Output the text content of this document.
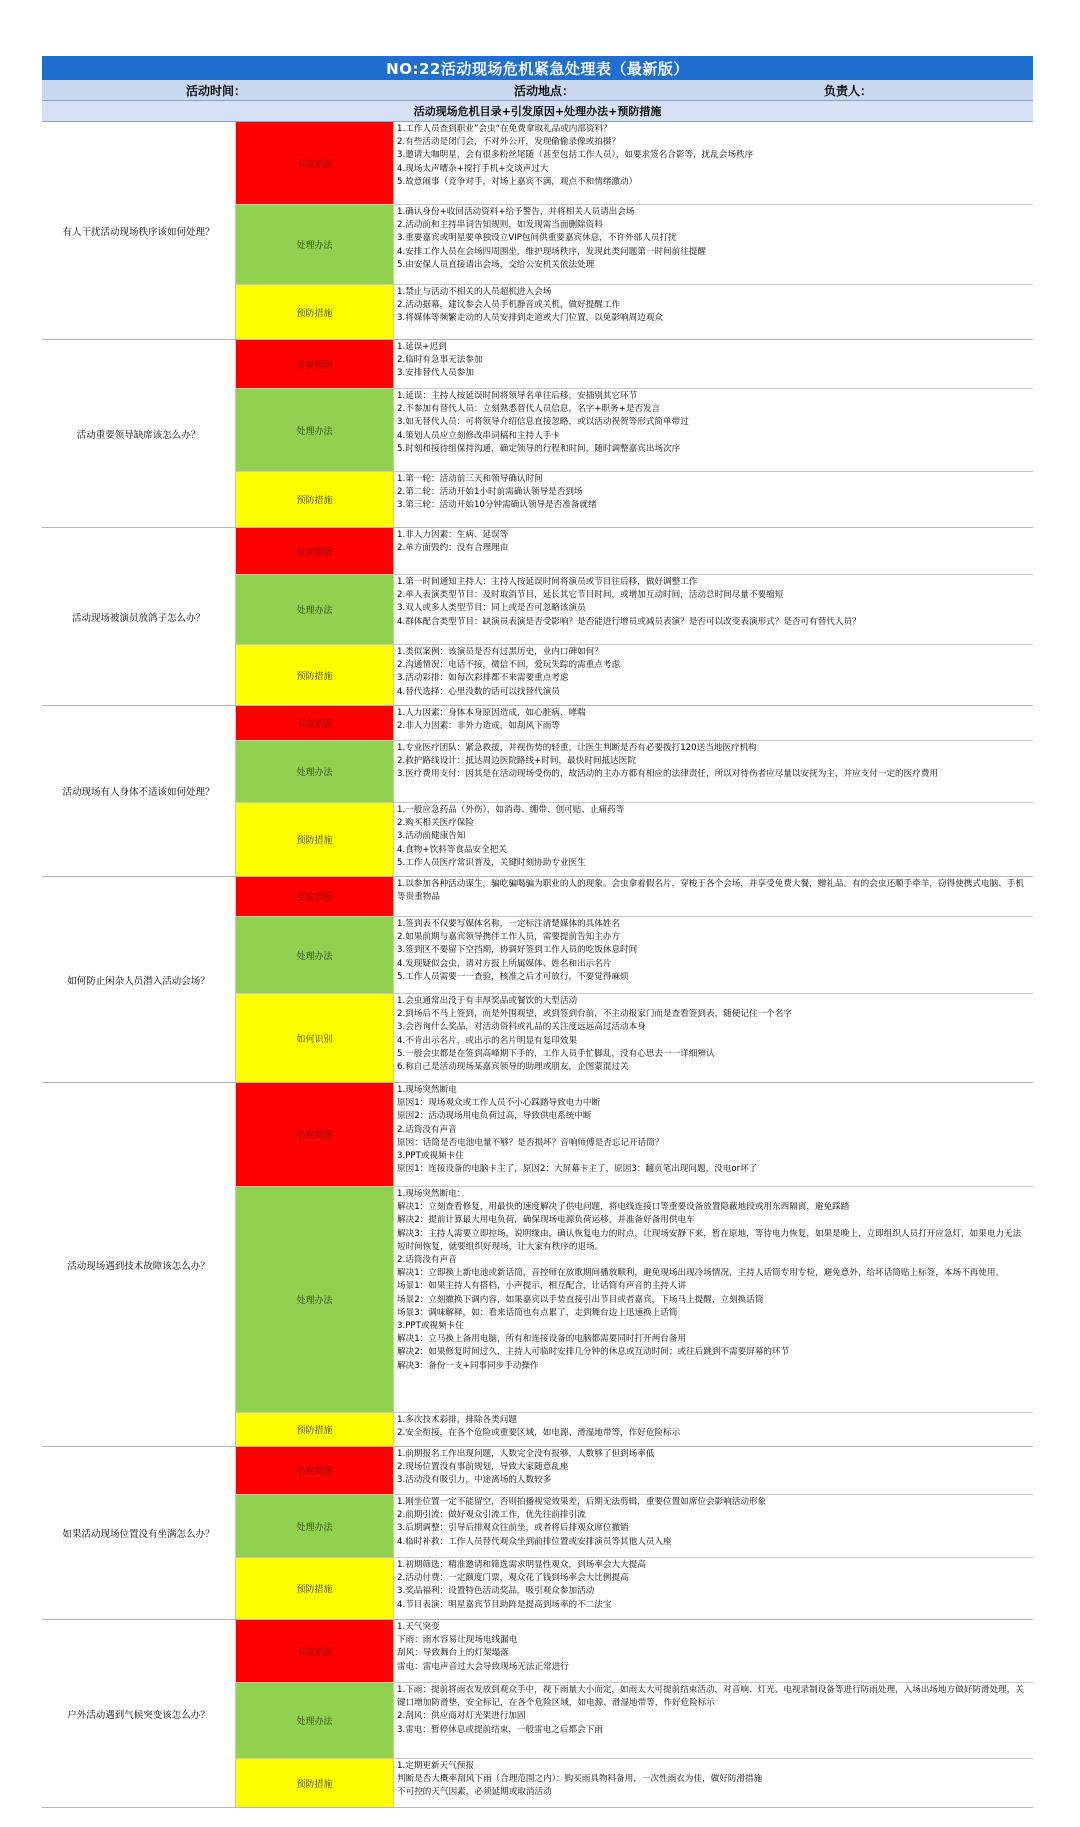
NO:22活动现场危机紧急处理表（最新版）
活动时间：	活动地点：	负责人：
活动现场危机目录+引发原因+处理办法+预防措施
有人干扰活动现场秩序该如何处理？
引发原因
1.工作人员查到职业”会虫“在免费拿取礼品或内部资料？
2.有些活动是闭门会，不对外公开，发现偷偷录像或拍摄？
3.邀请大咖明星，会有很多粉丝尾随（甚至包括工作人员），如要求签名合影等，扰乱会场秩序
4.现场太声嘈杂+搅打手机+交谈声过大
5.故意闹事（竞争对手，对场上嘉宾不满，观点不和情绪激动）
处理办法
1.确认身份+收回活动资料+给予警告，并将相关人员请出会场
2.活动前和主持串词告知规则，如发现需当面删除资料
3.重要嘉宾或明星要单独设立VIP包间供重要嘉宾休息，不许外部人员打扰
4.安排工作人员在会场四周围坐，维护现场秩序，发现此类问题第一时间前往提醒
5.由安保人员直接请出会场，交给公安机关依法处理
预防措施
1.禁止与活动不相关的人员超机进入会场
2.活动据幕，建议参会人员手机静音或关机，做好提醒工作
3.将媒体等频繁走动的人员安排到走道或大门位置，以免影响周边观众
活动重要领导缺席该怎么办？
引发原因
1.延误+迟到
2.临时有急事无法参加
3.安排替代人员参加
处理办法
1.延误：主持人按延误时间将领导名单往后移，安插别其它环节
2.不参加有替代人员：立刻熟悉替代人员信息，名字+职务+是否发言
3.如无替代人员：可将领导介绍信息直接忽略，或以活动祝贺等形式简单带过
4.策划人员应立刻修改串词稿和主持人手卡
5.时刻和接待组保持沟通，确定领导的行程和时间，随时调整嘉宾出场次序
预防措施
1.第一轮：活动前三天和领导确认时间
2.第二轮：活动开始1小时前需确认领导是否到场
3.第三轮：活动开始10分钟需确认领导是否准备就绪
活动现场被演员放鸽子怎么办？
引发原因
1.非人力因素：生病、延误等
2.单方面毁约：没有合理理由
处理办法
1.第一时间通知主持人：主持人按延误时间将演员或节目往后移，做好调整工作
2.单人表演类型节目：及时取消节目，延长其它节目时间，或增加互动时间，活动总时间尽量不要缩短
3.双人或多人类型节目：同上或是否可忽略该演员
4.群体配合类型节目：缺演员表演是否受影响？是否能进行增员或减员表演？是否可以改变表演形式？是否可有替代人员？
预防措施
1.类似案例：该演员是否有过黑历史，业内口碑如何？
2.沟通情况：电话不接，微信不回，爱玩失踪的需重点考虑
3.活动彩排：如每次彩排都不来需要重点考虑
4.替代选择：心里没数的话可以找替代演员
活动现场有人身体不适该如何处理？
引发原因
1.人力因素：身体本身原因造成，如心脏病、哮喘
2.非人力因素：非外力造成，如刮风下雨等
处理办法
1.专业医疗团队：紧急救援，并视伤势的轻重，让医生判断是否有必要拨打120送当地医疗机构
2.救护路线设计：抵达周边医院路线+时间，最快时间抵达医院
3.医疗费用支付：因其是在活动现场受伤的，故活动的主办方都有相应的法律责任，所以对待伤者应尽量以安抚为主，并应支付一定的医疗费用
预防措施
1.一般应急药品（外伤），如消毒、绷带、创可贴、止痛药等
2.购买相关医疗保险
3.活动前健康告知
4.食物+饮料等食品安全把关
5.工作人员医疗常识普及，关键时刻协助专业医生
如何防止闲杂人员潜入活动会场？
引发原因
1.以参加各种活动谋生，骗吃骗喝骗为职业的人的现象。会虫拿着假名片，穿梭于各个会场，并享受免费大餐，赠礼品。有的会虫还顺手牵羊，窃得使携式电脑、手机等贵重物品
处理办法
1.签到表不仅要写媒体名称，一定标注清楚媒体的具体姓名
2.如果前期与嘉宾领导携伴工作人员，需要提前告知主办方
3.签到区不要留下空挡期，协调好签到工作人员的吃饭休息时间
4.发现疑似会虫，请对方报上所属媒体、姓名和出示名片
5.工作人员需要一一查验，核准之后才可放行，不要觉得麻烦
如何识别
1.会虫通常出没于有丰厚奖品或餐饮的大型活动
2.到场后不马上签到，而是外围观望，或到签到台前，不主动报家门而是查看签到表，随便记住一个名字
3.会咨询什么奖品，对活动资料或礼品的关注度远远高过活动本身
4.不肯出示名片，或出示的名片明显有复印效果
5.一般会虫都是在签到高峰期下手的，工作人员手忙脚乱，没有心思去一一详细辨认
6.称自己是活动现场某嘉宾领导的助理或朋友，企图蒙混过关
活动现场遇到技术故障该怎么办？
引发原因
1.现场突然断电
原因1：现场观众或工作人员不小心踩踏导致电力中断
原因2：活动现场用电负荷过高，导致供电系统中断
2.话筒没有声音
原因：话筒是否电池电量不够？是否损坏？音响师傅是否忘记开话筒？
3.PPT或视频卡住
原因1：连接设备的电脑卡主了，原因2：大屏幕卡主了，原因3：翻页笔出现问题，没电or坏了
处理办法
1.现场突然断电：
解决1：立刻查看修复，用最快的速度解决了供电问题，将电线连接口等重要设备放置隐蔽地段或用东西隔离，避免踩踏
解决2：提前计算最大用电负荷，确保现场电源负荷运移，并准备好备用供电车
解决3：主持人需要立即控场，说明缘由，确认恢复电力的时点，让现场安静下来，暂在原地，等待电力恢复，如果是晚上，立即组织人员打开应急灯，如果电力无法短时间恢复，就要组织好现场，让大家有秩序的退场。
2.话筒没有声音
解决1：立即换上新电池或新话筒，音控师在放歌期间播放顺利，避免现场出现冷场情况，主持人话筒专用专检，避免意外，给坏话筒贴上标签，本场不再使用。
场景1：如果主持人有搭档，小声提示，相互配合，让话筒有声音的主持人讲
场景2：立刻撤换下调内容，如果嘉宾以手势直接引出节目或者嘉宾，下场马上提醒，立刻换话筒
场景3：调味解释，如：看来话筒也有点累了，走到舞台边上迅速换上话筒
3.PPT或视频卡住
解决1：立马换上备用电脑，所有和连接设备的电脑都需要同时打开两台备用
解决2：如果修复时间过久，主持人可临时安排几分钟的休息或互动时间；或往后跳到不需要屏幕的环节
解决3：备份一支+同事同步手动操作
预防措施
1.多次技术彩排，排除各类问题
2.安全衔接，在各个危险或重要区域，如电源、滑湿地带等，作好危险标示
如果活动现场位置没有坐满怎么办？
引发原因
1.前期报名工作出现问题，人数完全没有报够，人数够了但到场率低
2.现场位置没有事前规划，导致大家随意乱座
3.活动没有吸引力，中途离场的人数较多
处理办法
1.刚坐位置一定不能留空，否则拍播视觉效果差，后期无法剪辑，重要位置如席位会影响活动形象
2.前期引流：做好观众引流工作，优先往前排引流
3.后期调整：引导后排观众往前坐，或者将后排观众席位撤销
4.临时补救：工作人员替代观众坐到前排位置或安排演员等其他人员入座
预防措施
1.初期筛选：精准邀请和筛选需求明显性观众，到场率会大大提高
2.活动付费：一定额度门票，观众花了钱到场率会大比例提高
3.奖品福利：设置特色活动奖品，吸引观众参加活动
4.节目表演：明星嘉宾节目助阵是提高到场率的不二法宝
户外活动遇到气候突变该怎么办？
引发原因
1.天气突变
下雨：雨水容易让现场电线漏电
刮风：导致舞台上的灯架塌落
雷电：雷电声音过大会导致现场无法正常进行
处理办法
1.下雨：提前将雨衣发放到观众手中，视下雨量大小而定，如雨太大可提前结束活动，对音响、灯光、电视录制设备等进行防雨处理，入场出场地方做好防滑处理，关键口增加防滑垫，安全标记，在各个危险区域，如电源、滑湿地带等，作好危险标示
2.刮风：供应商对灯光架进行加固
3.雷电：暂停休息或提前结束，一般雷电之后都会下雨
预防措施
1.定期更新天气预报
判断是否大概率刮风下雨（合理范围之内）：购买雨具物料备用，一次性雨衣为佳，做好防滑措施
不可控的天气因素，必须延期或取消活动
